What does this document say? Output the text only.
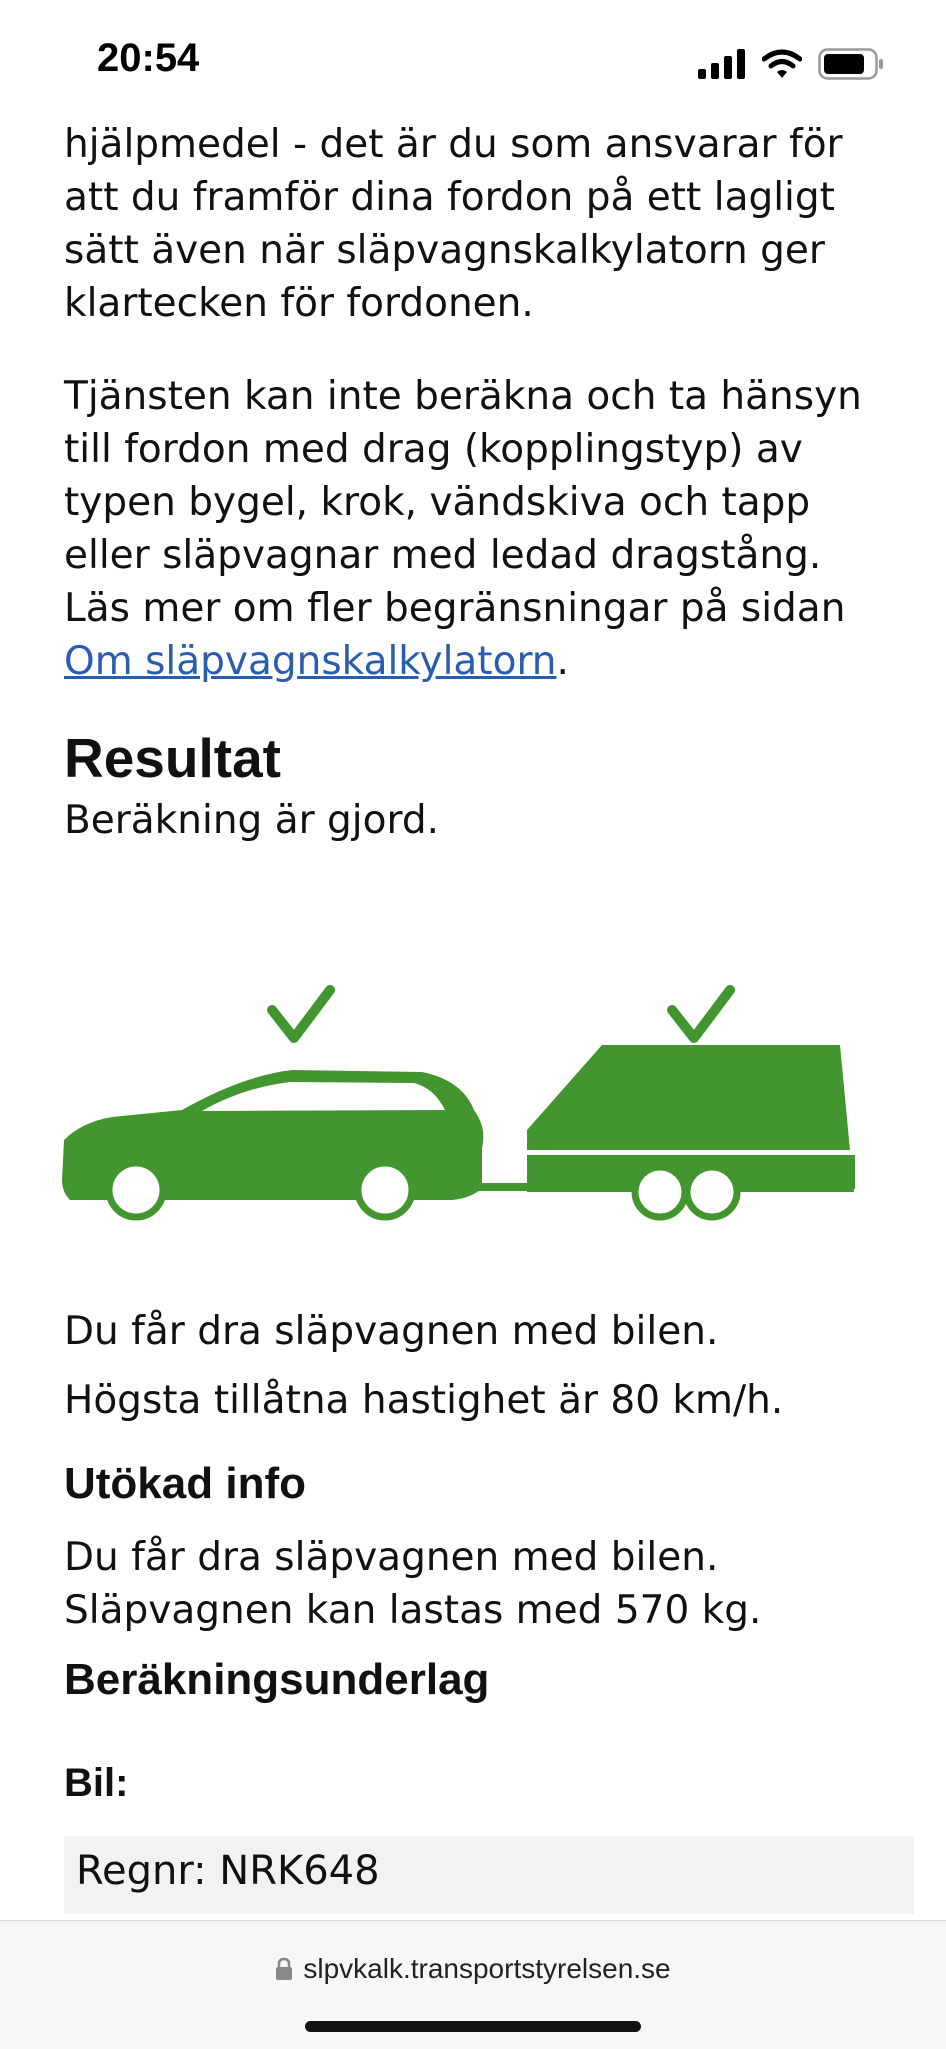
20:54

hjälpmedel - det är du som ansvarar för att du framför dina fordon på ett lagligt sätt även när släpvagnskalkylatorn ger klartecken för fordonen.

Tjänsten kan inte beräkna och ta hänsyn till fordon med drag (kopplingstyp) av typen bygel, krok, vändskiva och tapp eller släpvagnar med ledad dragstång. Läs mer om fler begränsningar på sidan Om släpvagnskalkylatorn.

Resultat

Beräkning är gjord.

Du får dra släpvagnen med bilen.

Högsta tillåtna hastighet är 80 km/h.

Utökad info

Du får dra släpvagnen med bilen.

Släpvagnen kan lastas med 570 kg.

Beräkningsunderlag
Bil:
Regnr: NRK648
slpvkalk.transportstyrelsen.se
